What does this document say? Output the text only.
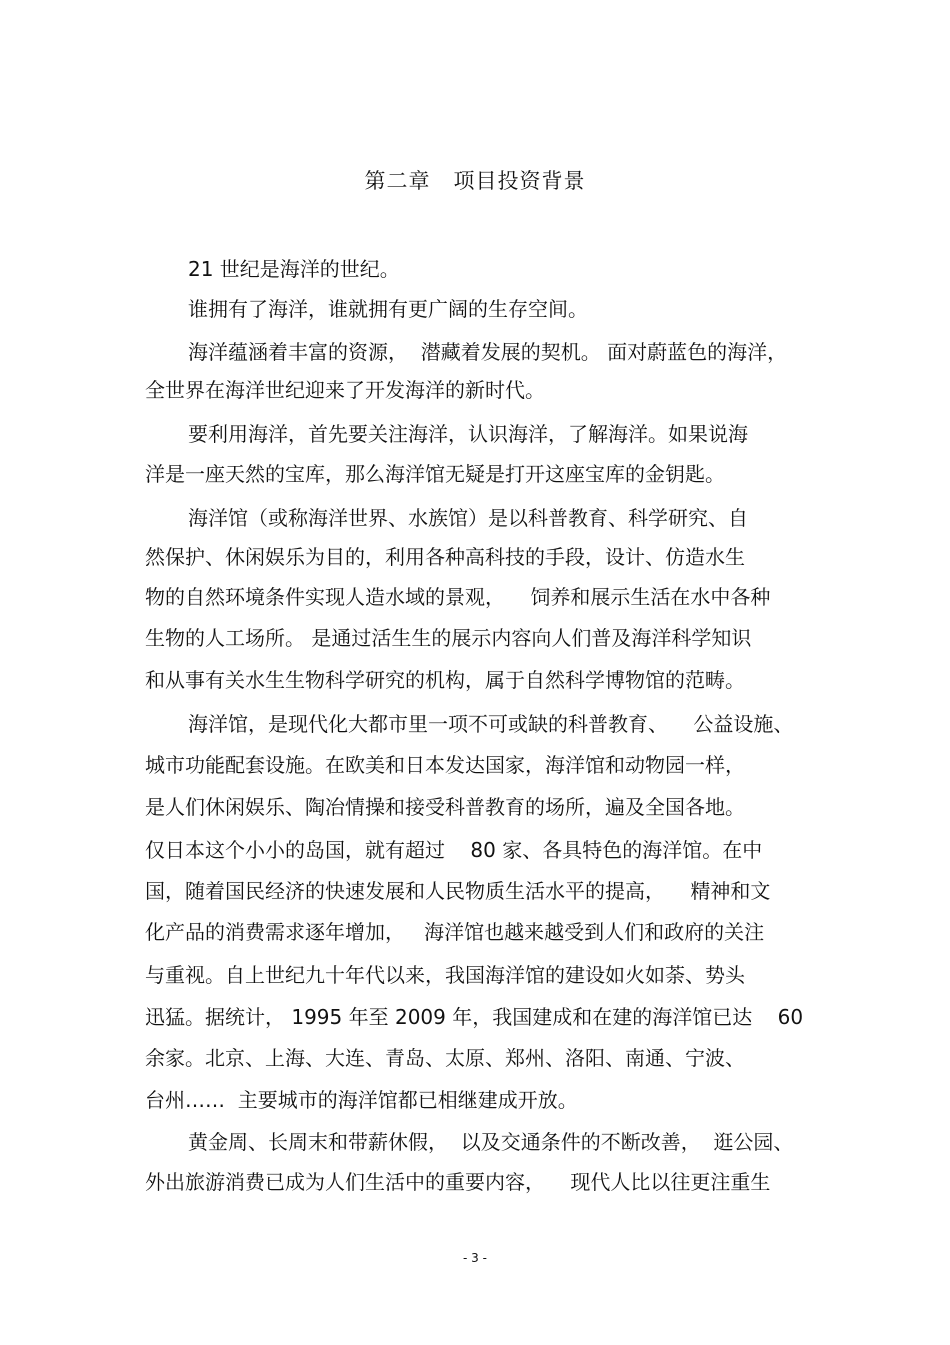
第二章   项目投资背景
21 世纪是海洋的世纪。
谁拥有了海洋，谁就拥有更广阔的生存空间。
海洋蕴涵着丰富的资源，  潜藏着发展的契机。 面对蔚蓝色的海洋，
全世界在海洋世纪迎来了开发海洋的新时代。
要利用海洋，首先要关注海洋，认识海洋，了解海洋。如果说海
洋是一座天然的宝库，那么海洋馆无疑是打开这座宝库的金钥匙。
海洋馆（或称海洋世界、水族馆）是以科普教育、科学研究、自
然保护、休闲娱乐为目的，利用各种高科技的手段，设计、仿造水生
物的自然环境条件实现人造水域的景观，    饲养和展示生活在水中各种
生物的人工场所。 是通过活生生的展示内容向人们普及海洋科学知识
和从事有关水生生物科学研究的机构，属于自然科学博物馆的范畴。
海洋馆，是现代化大都市里一项不可或缺的科普教育、    公益设施、
城市功能配套设施。在欧美和日本发达国家，海洋馆和动物园一样，
是人们休闲娱乐、陶冶情操和接受科普教育的场所，遍及全国各地。
仅日本这个小小的岛国，就有超过    80 家、各具特色的海洋馆。在中
国，随着国民经济的快速发展和人民物质生活水平的提高，    精神和文
化产品的消费需求逐年增加，   海洋馆也越来越受到人们和政府的关注
与重视。自上世纪九十年代以来，我国海洋馆的建设如火如荼、势头
迅猛。据统计， 1995 年至 2009 年，我国建成和在建的海洋馆已达    60
余家。北京、上海、大连、青岛、太原、郑州、洛阳、南通、宁波、
台州……  主要城市的海洋馆都已相继建成开放。
黄金周、长周末和带薪休假，  以及交通条件的不断改善，  逛公园、
外出旅游消费已成为人们生活中的重要内容，    现代人比以往更注重生
- 3 -
